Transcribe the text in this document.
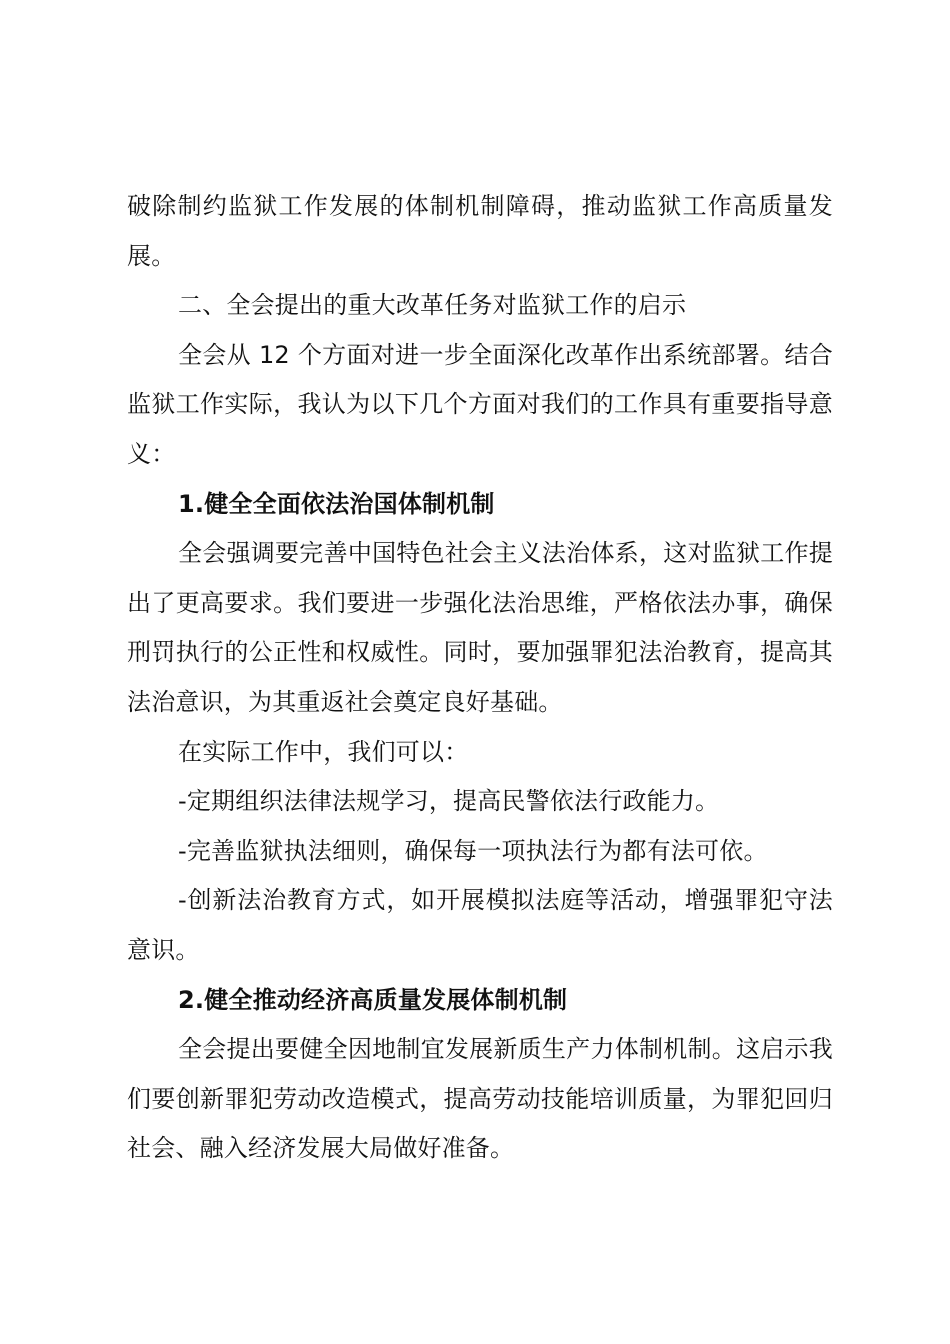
破除制约监狱工作发展的体制机制障碍，推动监狱工作高质量发展。

二、全会提出的重大改革任务对监狱工作的启示

全会从 12 个方面对进一步全面深化改革作出系统部署。结合监狱工作实际，我认为以下几个方面对我们的工作具有重要指导意义：

1.健全全面依法治国体制机制

全会强调要完善中国特色社会主义法治体系，这对监狱工作提出了更高要求。我们要进一步强化法治思维，严格依法办事，确保刑罚执行的公正性和权威性。同时，要加强罪犯法治教育，提高其法治意识，为其重返社会奠定良好基础。

在实际工作中，我们可以：

-定期组织法律法规学习，提高民警依法行政能力。

-完善监狱执法细则，确保每一项执法行为都有法可依。

-创新法治教育方式，如开展模拟法庭等活动，增强罪犯守法意识。

2.健全推动经济高质量发展体制机制

全会提出要健全因地制宜发展新质生产力体制机制。这启示我们要创新罪犯劳动改造模式，提高劳动技能培训质量，为罪犯回归社会、融入经济发展大局做好准备。
